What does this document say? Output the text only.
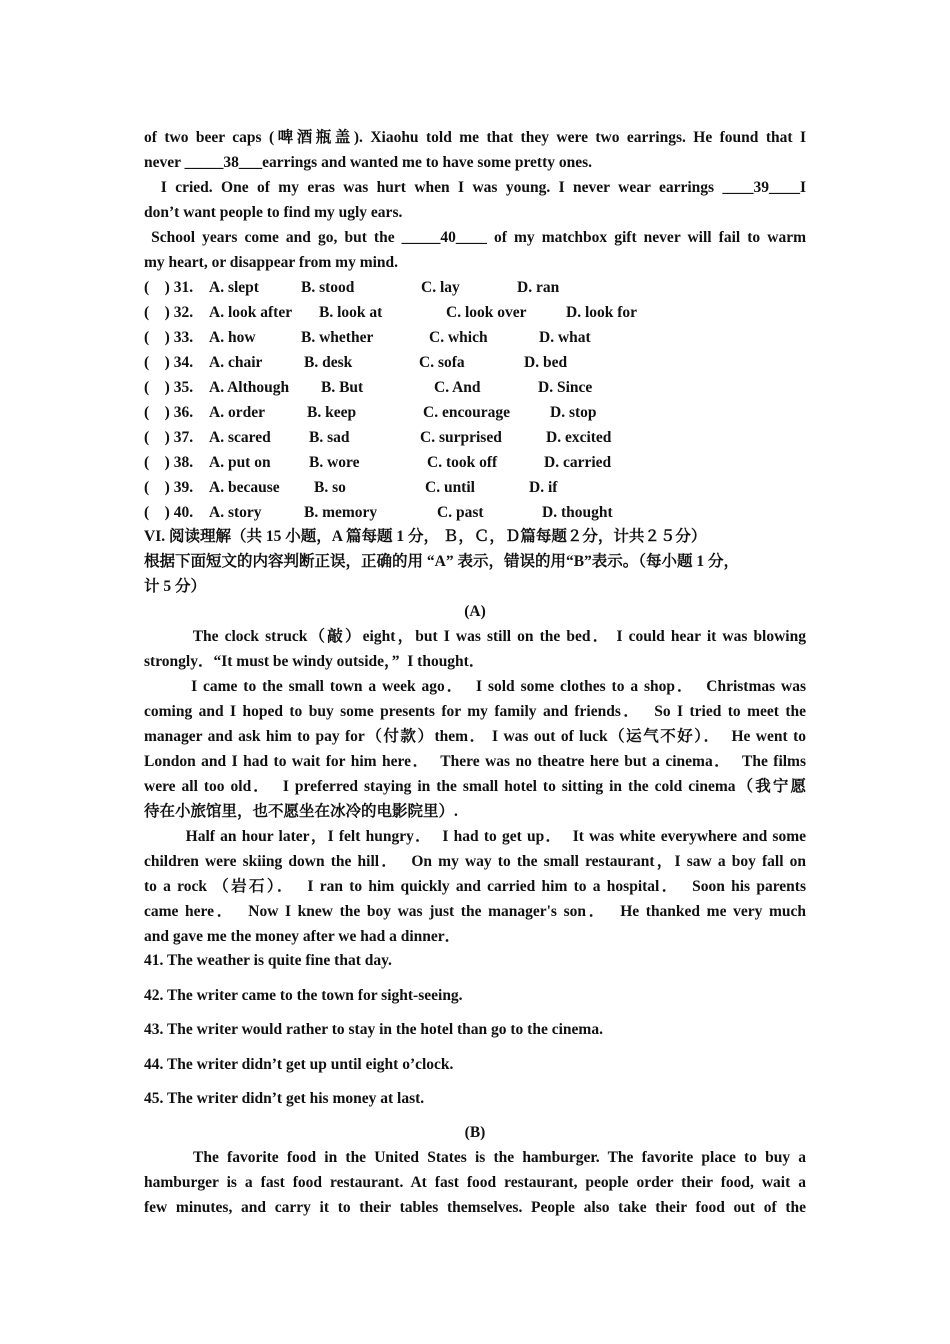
of two beer caps (啤酒瓶盖). Xiaohu told me that they were two earrings. He found that I
never _____38___earrings and wanted me to have some pretty ones.
I cried. One of my eras was hurt when I was young. I never wear earrings ____39____I
don’t want people to find my ugly ears.
School years come and go, but the _____40____ of my matchbox gift never will fail to warm
my heart, or disappear from my mind.
(    ) 31. A. slept	B. stood	C. lay	D. ran
(    ) 32. A. look after B. look at	C. look over	D. look for
(    ) 33. A. how	B. whether	C. which	D. what
(    ) 34. A. chair	B. desk	C. sofa	D. bed
(    ) 35. A. Although B. But	C. And	D. Since
(    ) 36. A. order	B. keep	C. encourage	D. stop
(    ) 37. A. scared B. sad	C. surprised	D. excited
(    ) 38. A. put on B. wore	C. took off	D. carried
(    ) 39. A. because B. so	C. until	D. if
(    ) 40. A. story	B. memory	C. past	D. thought
VI. 阅读理解（共 15 小题，A 篇每题 1 分， Ｂ，Ｃ，Ｄ篇每题２分，计共２５分）
根据下面短文的内容判断正误，正确的用 “A” 表示，错误的用“B”表示。（每小题 1 分，
计 5 分）
(A)
The clock struck（敲）eight，but I was still on the bed． I could hear it was blowing
strongly．“It must be windy outside，”  I thought．
I came to the small town a week ago．  I sold some clothes to a shop．  Christmas was
coming and I hoped to buy some presents for my family and friends．  So I tried to meet the
manager and ask him to pay for（付款）them． I was out of luck（运气不好）．  He went to
London and I had to wait for him here．  There was no theatre here but a cinema．  The films
were all too old．  I preferred staying in the small hotel to sitting in the cold cinema（我宁愿
待在小旅馆里，也不愿坐在冰冷的电影院里）.
Half an hour later，I felt hungry．  I had to get up．  It was white everywhere and some
children were skiing down the hill．  On my way to the small restaurant，I saw a boy fall on
to a rock （岩石）．  I ran to him quickly and carried him to a hospital．  Soon his parents
came here．  Now I knew the boy was just the manager's son．  He thanked me very much
and gave me the money after we had a dinner．
41. The weather is quite fine that day.
42. The writer came to the town for sight-seeing.
43. The writer would rather to stay in the hotel than go to the cinema.
44. The writer didn’t get up until eight o’clock.
45. The writer didn’t get his money at last.
(B)
The favorite food in the United States is the hamburger. The favorite place to buy a
hamburger is a fast food restaurant. At fast food restaurant, people order their food, wait a
few minutes, and carry it to their tables themselves. People also take their food out of the
